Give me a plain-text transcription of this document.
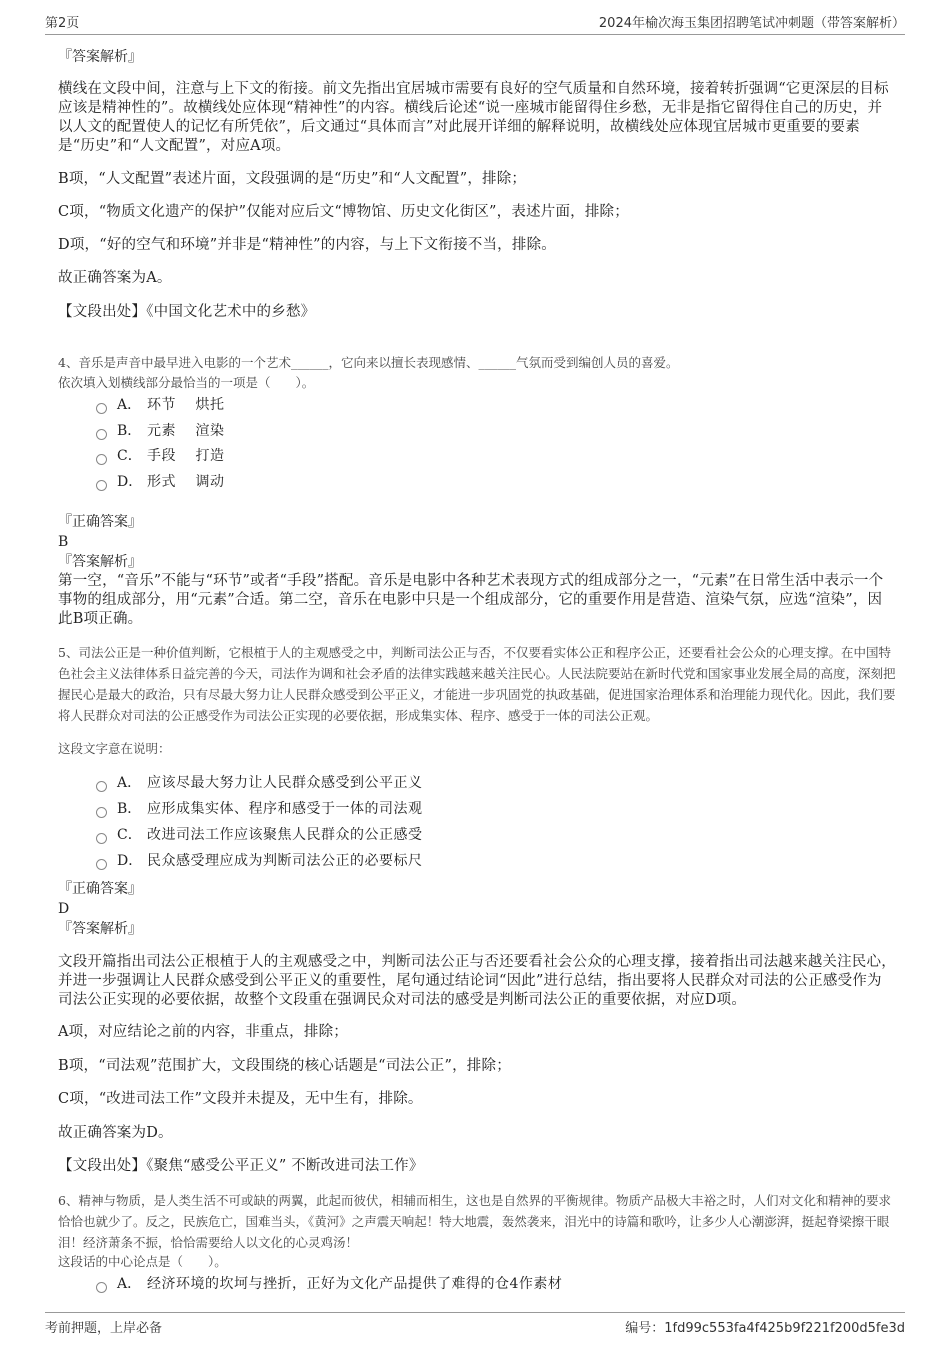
第2页	2024年榆次海玉集团招聘笔试冲刺题（带答案解析）
『答案解析』
横线在文段中间，注意与上下文的衔接。前文先指出宜居城市需要有良好的空气质量和自然环境，接着转折强调“它更深层的目标应该是精神性的”。故横线处应体现“精神性”的内容。横线后论述“说一座城市能留得住乡愁，无非是指它留得住自己的历史，并以人文的配置使人的记忆有所凭依”，后文通过“具体而言”对此展开详细的解释说明，故横线处应体现宜居城市更重要的要素是“历史”和“人文配置”，对应A项。
B项，“人文配置”表述片面，文段强调的是“历史”和“人文配置”，排除；
C项，“物质文化遗产的保护”仅能对应后文“博物馆、历史文化街区”，表述片面，排除；
D项，“好的空气和环境”并非是“精神性”的内容，与上下文衔接不当，排除。
故正确答案为A。
【文段出处】《中国文化艺术中的乡愁》
4、音乐是声音中最早进入电影的一个艺术______，它向来以擅长表现感情、______气氛而受到编创人员的喜爱。
依次填入划横线部分最恰当的一项是（　　）。
A． 环节　 烘托
B． 元素　 渲染
C． 手段　 打造
D． 形式　 调动
『正确答案』
B
『答案解析』
第一空，“音乐”不能与“环节”或者“手段”搭配。音乐是电影中各种艺术表现方式的组成部分之一，“元素”在日常生活中表示一个事物的组成部分，用“元素”合适。第二空，音乐在电影中只是一个组成部分，它的重要作用是营造、渲染气氛，应选“渲染”，因此B项正确。
5、司法公正是一种价值判断，它根植于人的主观感受之中，判断司法公正与否，不仅要看实体公正和程序公正，还要看社会公众的心理支撑。在中国特色社会主义法律体系日益完善的今天，司法作为调和社会矛盾的法律实践越来越关注民心。人民法院要站在新时代党和国家事业发展全局的高度，深刻把握民心是最大的政治，只有尽最大努力让人民群众感受到公平正义，才能进一步巩固党的执政基础，促进国家治理体系和治理能力现代化。因此，我们要将人民群众对司法的公正感受作为司法公正实现的必要依据，形成集实体、程序、感受于一体的司法公正观。
这段文字意在说明：
A． 应该尽最大努力让人民群众感受到公平正义
B． 应形成集实体、程序和感受于一体的司法观
C． 改进司法工作应该聚焦人民群众的公正感受
D． 民众感受理应成为判断司法公正的必要标尺
『正确答案』
D
『答案解析』
文段开篇指出司法公正根植于人的主观感受之中，判断司法公正与否还要看社会公众的心理支撑，接着指出司法越来越关注民心，并进一步强调让人民群众感受到公平正义的重要性，尾句通过结论词“因此”进行总结，指出要将人民群众对司法的公正感受作为司法公正实现的必要依据，故整个文段重在强调民众对司法的感受是判断司法公正的重要依据，对应D项。
A项，对应结论之前的内容，非重点，排除；
B项，“司法观”范围扩大，文段围绕的核心话题是“司法公正”，排除；
C项，“改进司法工作”文段并未提及，无中生有，排除。
故正确答案为D。
【文段出处】《聚焦“感受公平正义” 不断改进司法工作》
6、精神与物质，是人类生活不可或缺的两翼，此起而彼伏，相辅而相生，这也是自然界的平衡规律。物质产品极大丰裕之时，人们对文化和精神的要求恰恰也就少了。反之，民族危亡，国难当头，《黄河》之声震天响起！特大地震，轰然袭来，泪光中的诗篇和歌吟，让多少人心潮澎湃，挺起脊梁擦干眼泪！经济萧条不振，恰恰需要给人以文化的心灵鸡汤！
这段话的中心论点是（　　）。
A． 经济环境的坎坷与挫折，正好为文化产品提供了难得的仓4作素材
考前押题，上岸必备	编号：1fd99c553fa4f425b9f221f200d5fe3d
